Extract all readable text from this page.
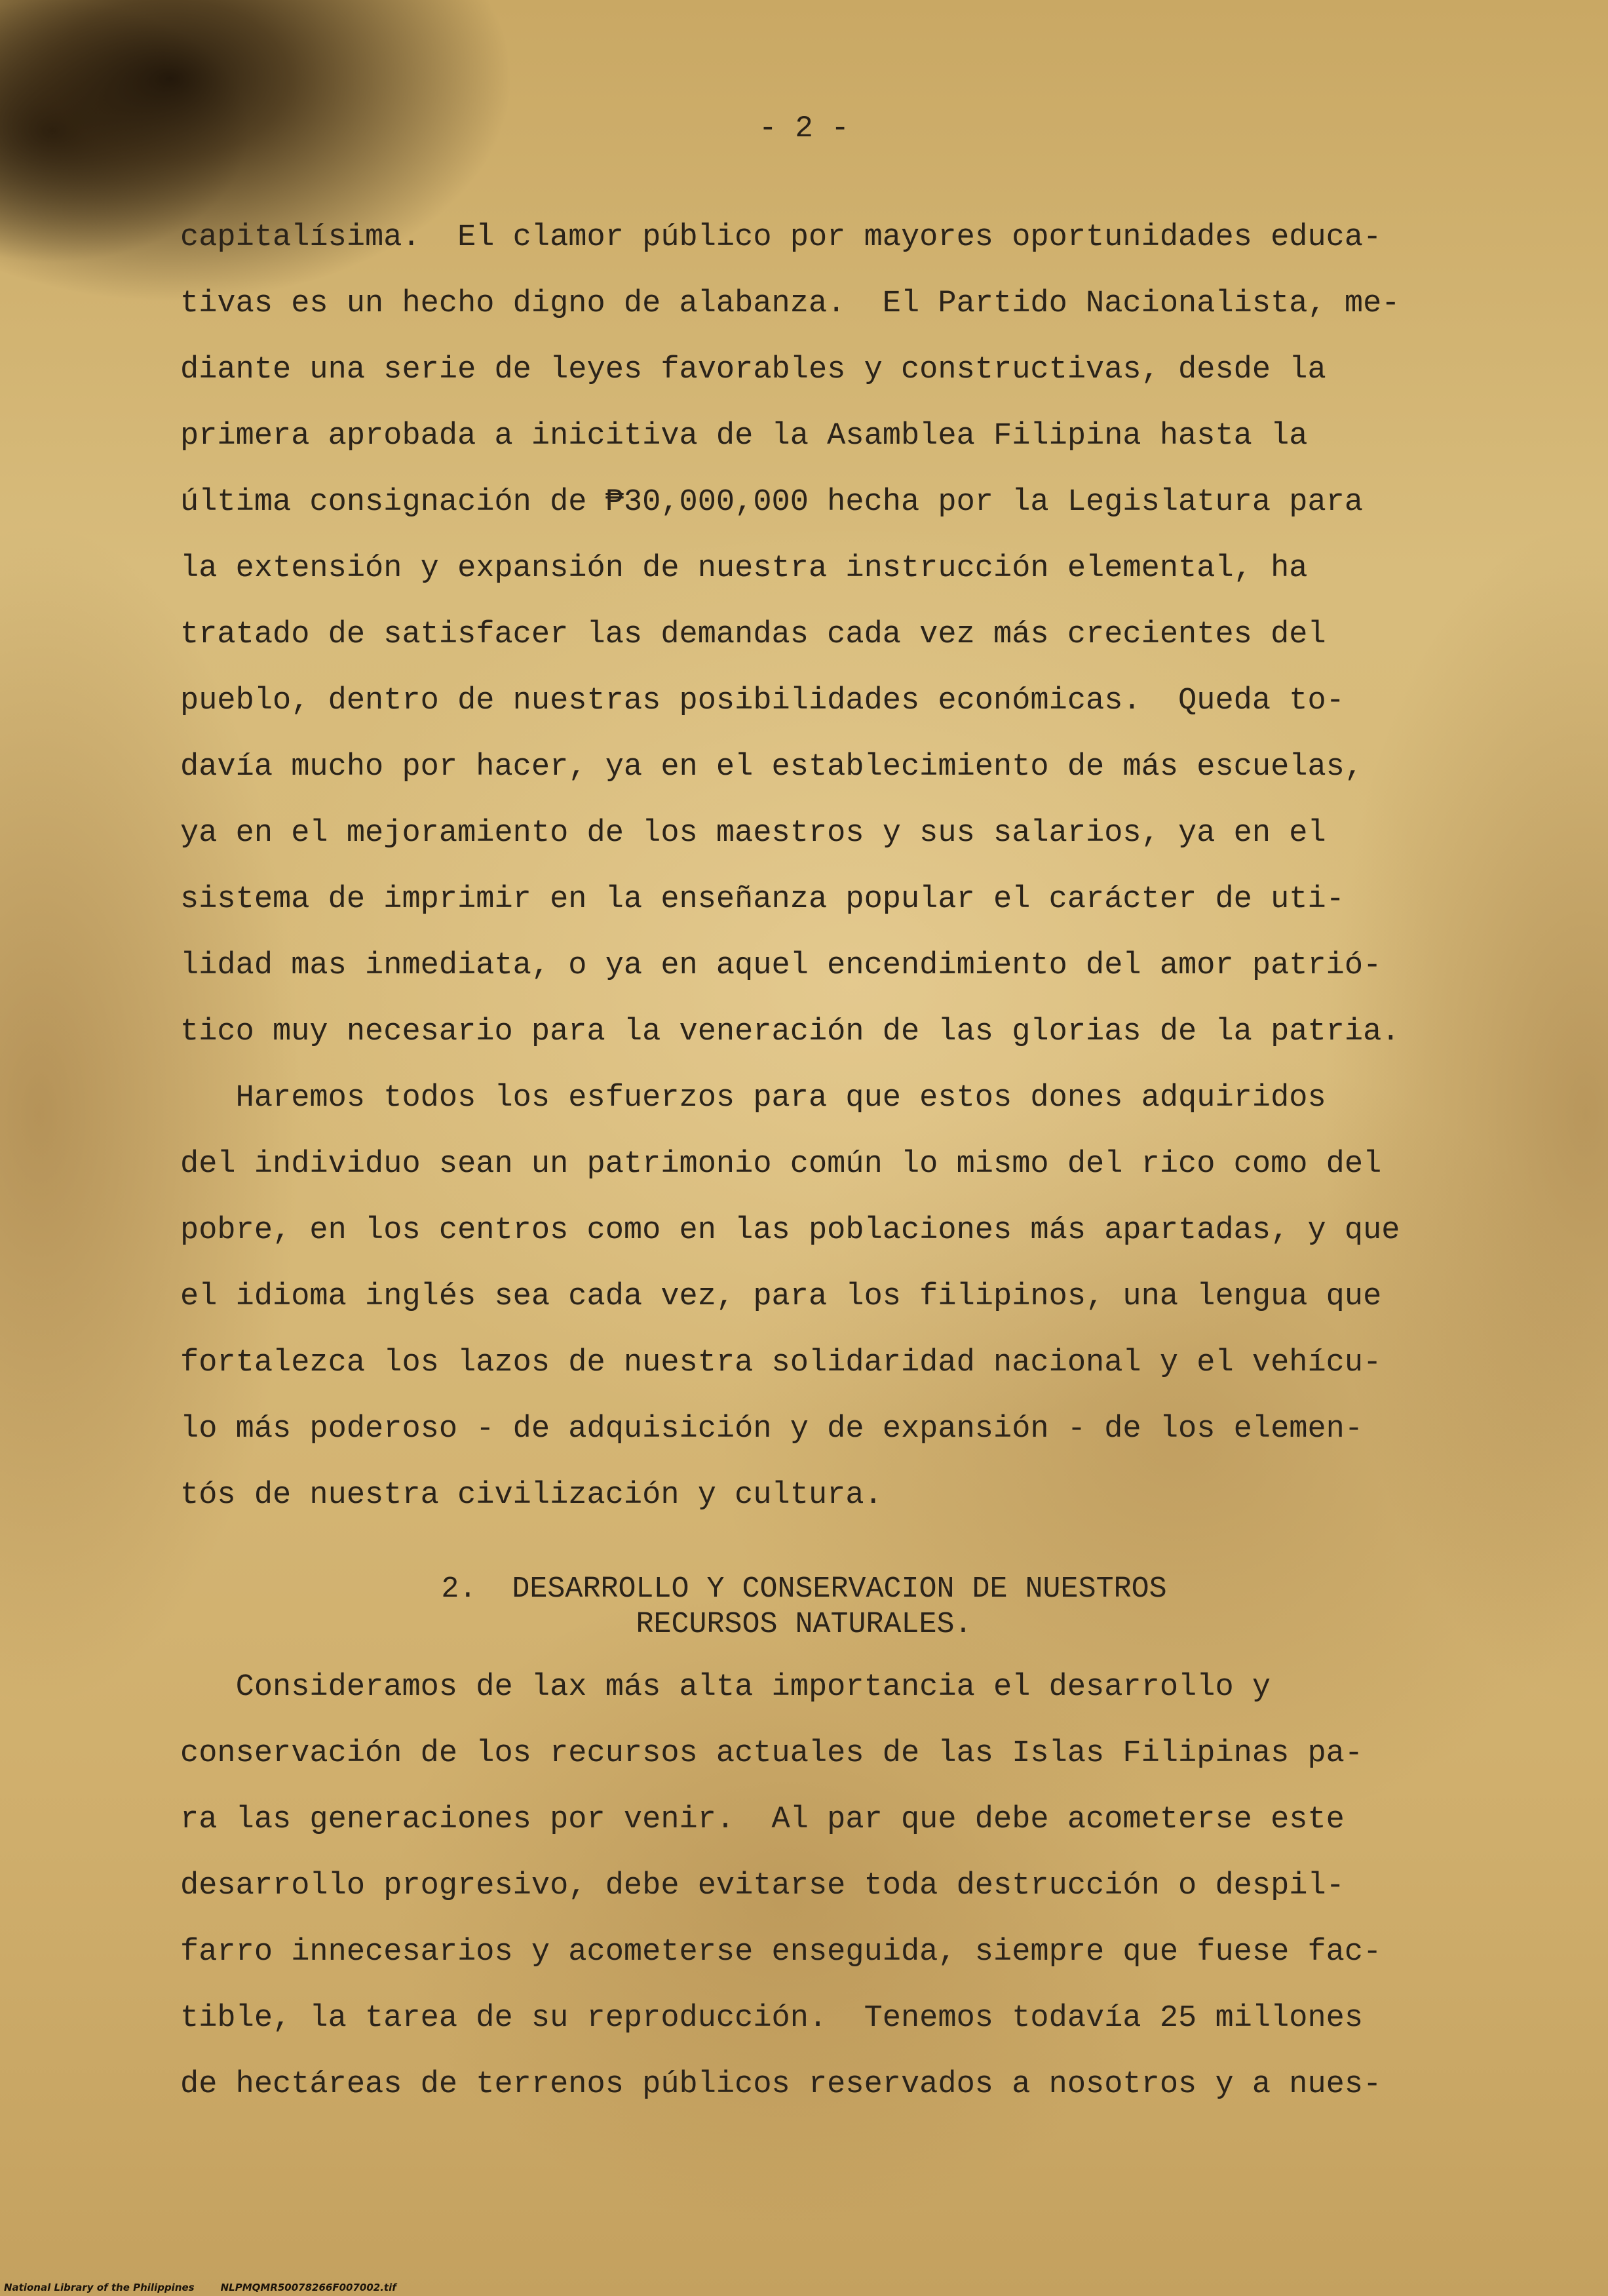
- 2 -
capitalísima.  El clamor público por mayores oportunidades educa-
tivas es un hecho digno de alabanza.  El Partido Nacionalista, me-
diante una serie de leyes favorables y constructivas, desde la
primera aprobada a inicitiva de la Asamblea Filipina hasta la
última consignación de ₱30,000,000 hecha por la Legislatura para
la extensión y expansión de nuestra instrucción elemental, ha
tratado de satisfacer las demandas cada vez más crecientes del
pueblo, dentro de nuestras posibilidades económicas.  Queda to-
davía mucho por hacer, ya en el establecimiento de más escuelas,
ya en el mejoramiento de los maestros y sus salarios, ya en el
sistema de imprimir en la enseñanza popular el carácter de uti-
lidad mas inmediata, o ya en aquel encendimiento del amor patrió-
tico muy necesario para la veneración de las glorias de la patria.
Haremos todos los esfuerzos para que estos dones adquiridos
del individuo sean un patrimonio común lo mismo del rico como del
pobre, en los centros como en las poblaciones más apartadas, y que
el idioma inglés sea cada vez, para los filipinos, una lengua que
fortalezca los lazos de nuestra solidaridad nacional y el vehícu-
lo más poderoso - de adquisición y de expansión - de los elemen-
tós de nuestra civilización y cultura.
2.  DESARROLLO Y CONSERVACION DE NUESTROS
RECURSOS NATURALES.
Consideramos de lax más alta importancia el desarrollo y
conservación de los recursos actuales de las Islas Filipinas pa-
ra las generaciones por venir.  Al par que debe acometerse este
desarrollo progresivo, debe evitarse toda destrucción o despil-
farro innecesarios y acometerse enseguida, siempre que fuese fac-
tible, la tarea de su reproducción.  Tenemos todavía 25 millones
de hectáreas de terrenos públicos reservados a nosotros y a nues-
National Library of the Philippines	NLPMQMR50078266F007002.tif
